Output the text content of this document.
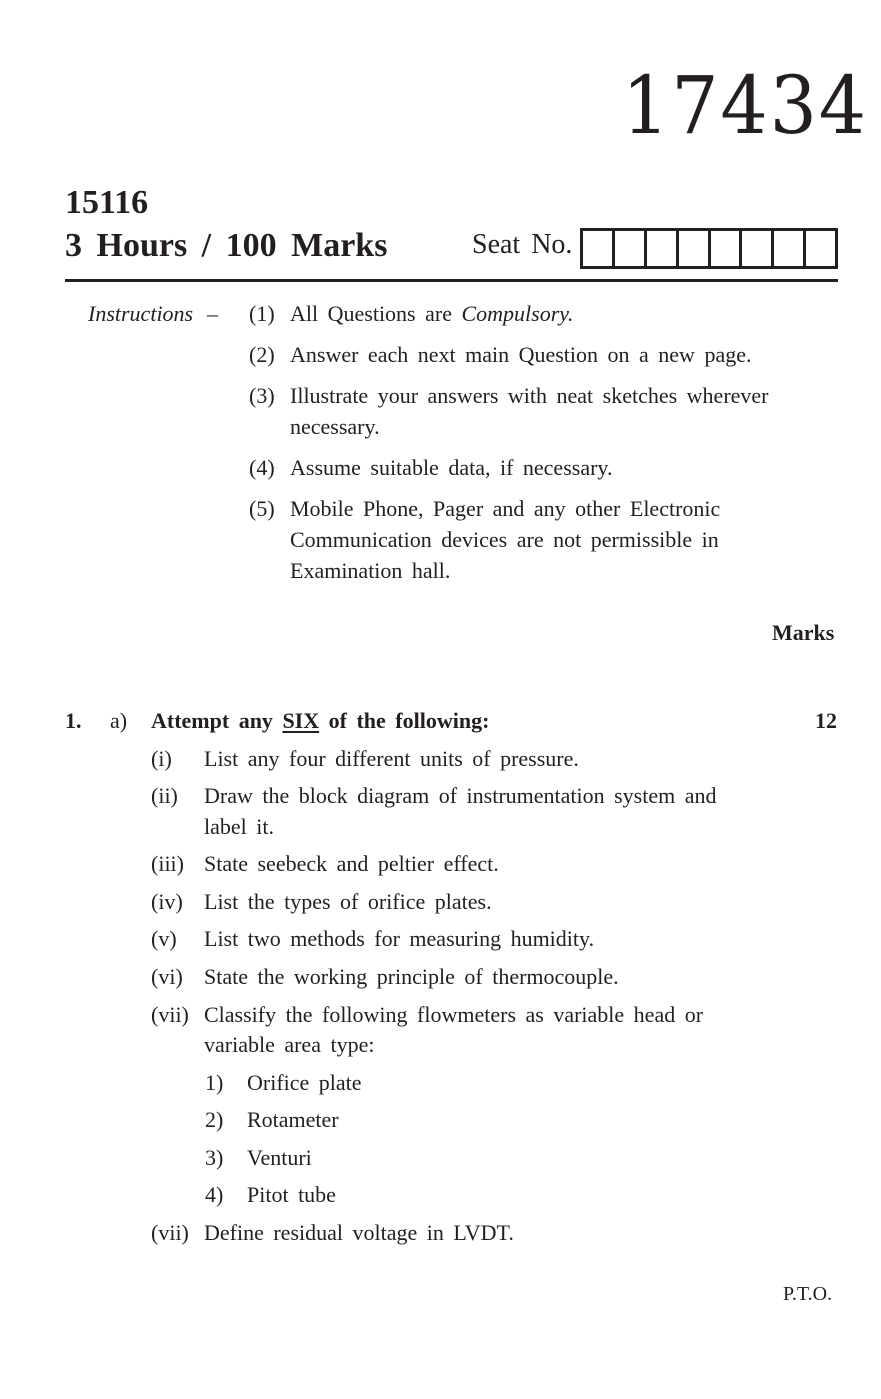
17434
15116
3 Hours / 100 Marks	Seat No.
Instructions – (1) All Questions are Compulsory.
(2) Answer each next main Question on a new page.
(3) Illustrate your answers with neat sketches wherever
necessary.
(4) Assume suitable data, if necessary.
(5) Mobile Phone, Pager and any other Electronic
Communication devices are not permissible in
Examination hall.
Marks
1. a) Attempt any SIX of the following:	12
(i) List any four different units of pressure.
(ii) Draw the block diagram of instrumentation system and
label it.
(iii) State seebeck and peltier effect.
(iv) List the types of orifice plates.
(v) List two methods for measuring humidity.
(vi) State the working principle of thermocouple.
(vii) Classify the following flowmeters as variable head or
variable area type:
1) Orifice plate
2) Rotameter
3) Venturi
4) Pitot tube
(vii) Define residual voltage in LVDT.
P.T.O.
